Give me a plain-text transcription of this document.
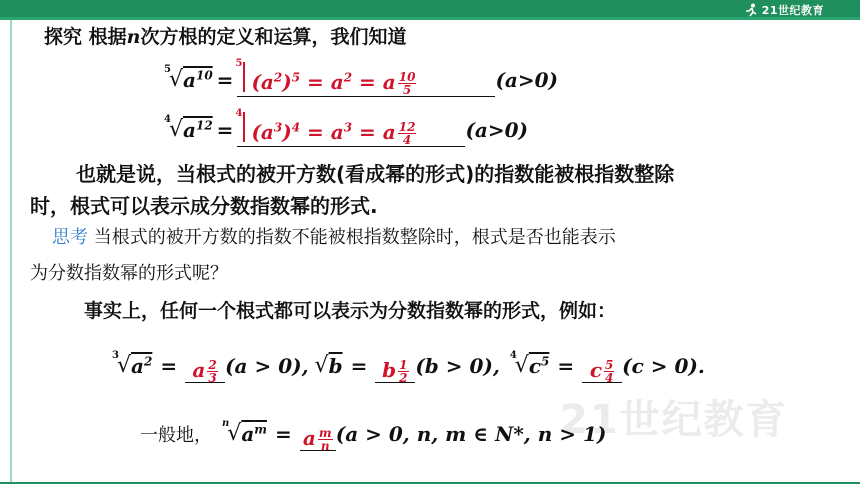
21世纪教育
21世纪教育
探究 根据n次方根的定义和运算，我们知道
5
√ $a^{10}$ =
5
$(a^2)^5 = a^2 = a \frac{10}{5}$	(a>0)
4
√ $a^{12}$ =
4
$(a^3)^4 = a^3 = a \frac{12}{4} (a>0)$
也就是说，当根式的被开方数(看成幂的形式)的指数能被根指数整除
时，根式可以表示成分数指数幂的形式.
思考 当根式的被开方数的指数不能被根指数整除时，根式是否也能表示
为分数指数幂的形式呢？
事实上，任何一个根式都可以表示为分数指数幂的形式，例如：
3
√ $a^2 = a \frac{2}{3} (a > 0)$, √ b = b $\frac{1}{2} (b > 0)$, 4
√ $c^5 = c \frac{5}{4} (c > 0)$.
一般地，
n
√ $a^m = a \frac{m}{n} (a > 0$, n, m ∈ N*, n > 1)
